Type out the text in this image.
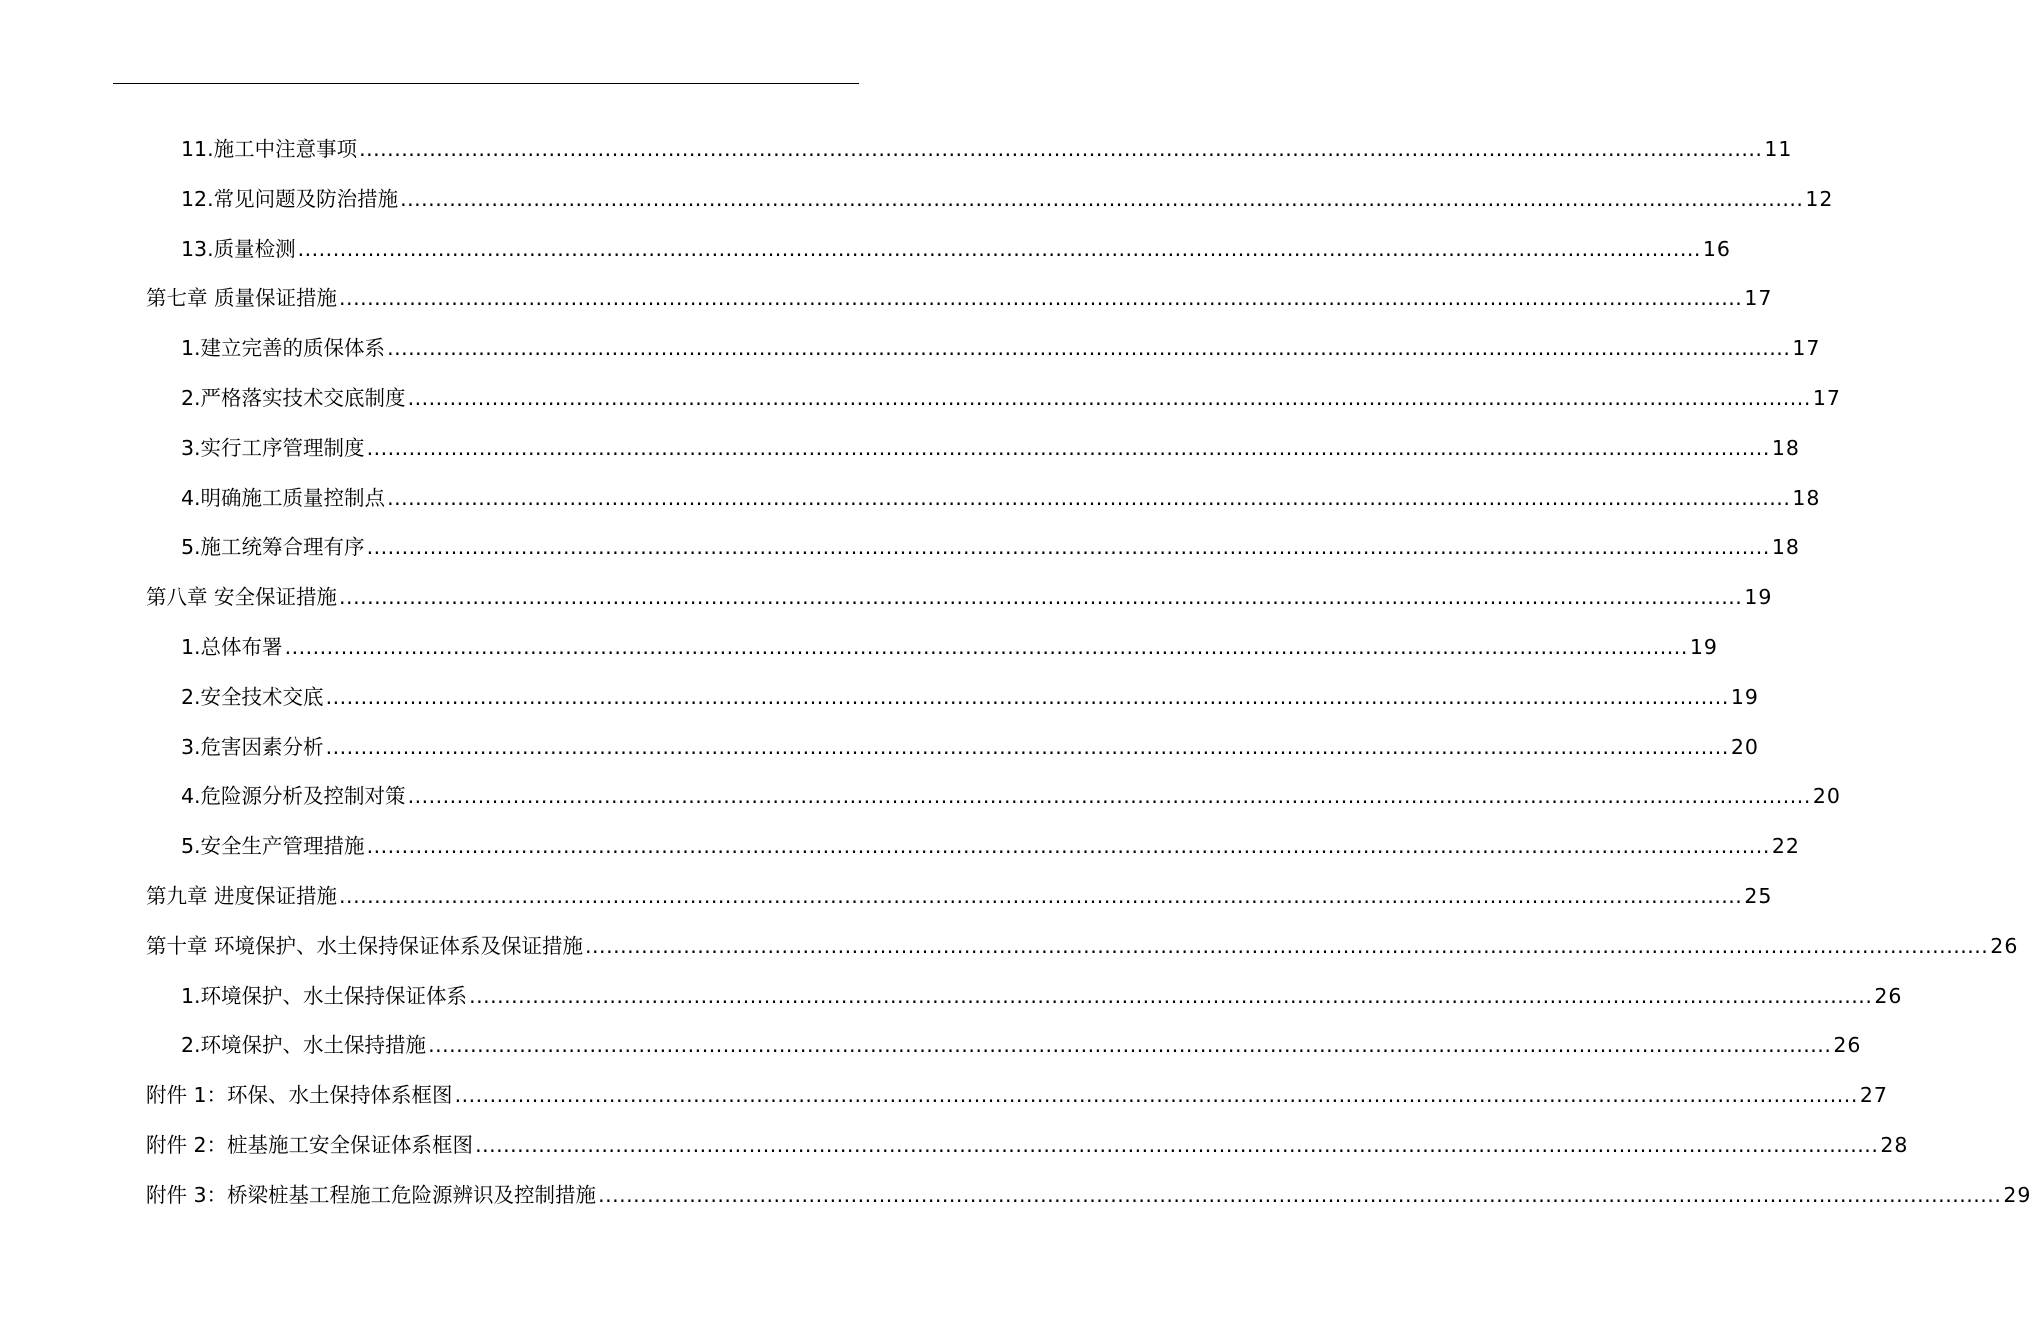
11.施工中注意事项 ........................................................................................................................................................................................................ 11
12.常见问题及防治措施 ........................................................................................................................................................................................................ 12
13.质量检测 ........................................................................................................................................................................................................ 16
第七章 质量保证措施 ........................................................................................................................................................................................................ 17
1.建立完善的质保体系 ........................................................................................................................................................................................................ 17
2.严格落实技术交底制度 ........................................................................................................................................................................................................ 17
3.实行工序管理制度 ........................................................................................................................................................................................................ 18
4.明确施工质量控制点 ........................................................................................................................................................................................................ 18
5.施工统筹合理有序 ........................................................................................................................................................................................................ 18
第八章 安全保证措施 ........................................................................................................................................................................................................ 19
1.总体布署 ........................................................................................................................................................................................................ 19
2.安全技术交底 ........................................................................................................................................................................................................ 19
3.危害因素分析 ........................................................................................................................................................................................................ 20
4.危险源分析及控制对策 ........................................................................................................................................................................................................ 20
5.安全生产管理措施 ........................................................................................................................................................................................................ 22
第九章 进度保证措施 ........................................................................................................................................................................................................ 25
第十章 环境保护、水土保持保证体系及保证措施 ........................................................................................................................................................................................................ 26
1.环境保护、水土保持保证体系 ........................................................................................................................................................................................................ 26
2.环境保护、水土保持措施 ........................................................................................................................................................................................................ 26
附件 1：环保、水土保持体系框图 ........................................................................................................................................................................................................ 27
附件 2：桩基施工安全保证体系框图 ........................................................................................................................................................................................................ 28
附件 3：桥梁桩基工程施工危险源辨识及控制措施 ........................................................................................................................................................................................................ 29
